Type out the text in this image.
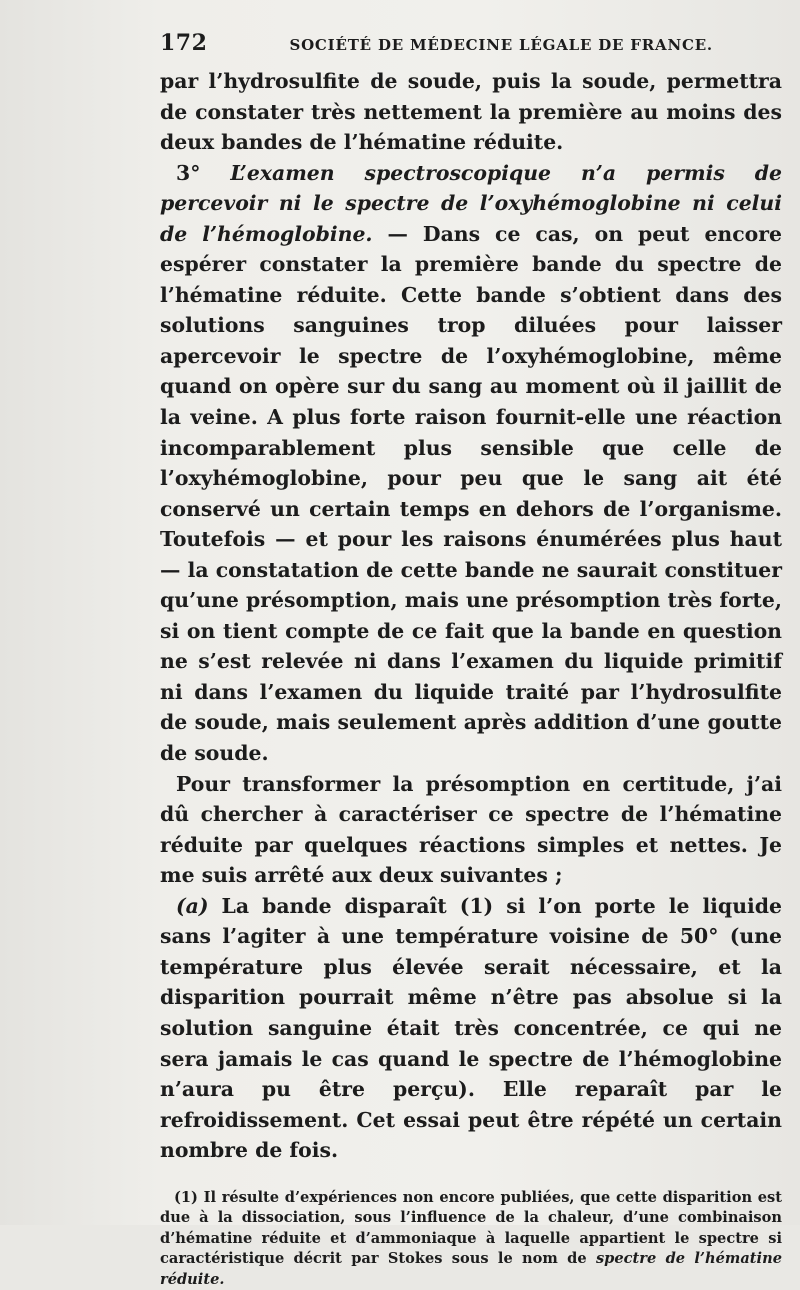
172	SOCIÉTÉ DE MÉDECINE LÉGALE DE FRANCE.

par l’hydrosulfite de soude, puis la soude, permettra de constater très nettement la première au moins des deux bandes de l’hématine réduite.

3° L’examen spectroscopique n’a permis de percevoir ni le spectre de l’oxyhémoglobine ni celui de l’hémoglobine. — Dans ce cas, on peut encore espérer constater la première bande du spectre de l’hématine réduite. Cette bande s’obtient dans des solutions sanguines trop diluées pour laisser apercevoir le spectre de l’oxyhémoglobine, même quand on opère sur du sang au moment où il jaillit de la veine. A plus forte raison fournit-elle une réaction incomparablement plus sensible que celle de l’oxyhémoglobine, pour peu que le sang ait été conservé un certain temps en dehors de l’organisme. Toutefois — et pour les raisons énumérées plus haut — la constatation de cette bande ne saurait constituer qu’une présomption, mais une présomption très forte, si on tient compte de ce fait que la bande en question ne s’est relevée ni dans l’examen du liquide primitif ni dans l’examen du liquide traité par l’hydrosulfite de soude, mais seulement après addition d’une goutte de soude.

Pour transformer la présomption en certitude, j’ai dû chercher à caractériser ce spectre de l’hématine réduite par quelques réactions simples et nettes. Je me suis arrêté aux deux suivantes ;

(a) La bande disparaît (1) si l’on porte le liquide sans l’agiter à une température voisine de 50° (une température plus élevée serait nécessaire, et la disparition pourrait même n’être pas absolue si la solution sanguine était très concentrée, ce qui ne sera jamais le cas quand le spectre de l’hémoglobine n’aura pu être perçu). Elle reparaît par le refroidissement. Cet essai peut être répété un certain nombre de fois.

(1) Il résulte d’expériences non encore publiées, que cette disparition est due à la dissociation, sous l’influence de la chaleur, d’une combinaison d’hématine réduite et d’ammoniaque à laquelle appartient le spectre si caractéristique décrit par Stokes sous le nom de spectre de l’hématine réduite.
